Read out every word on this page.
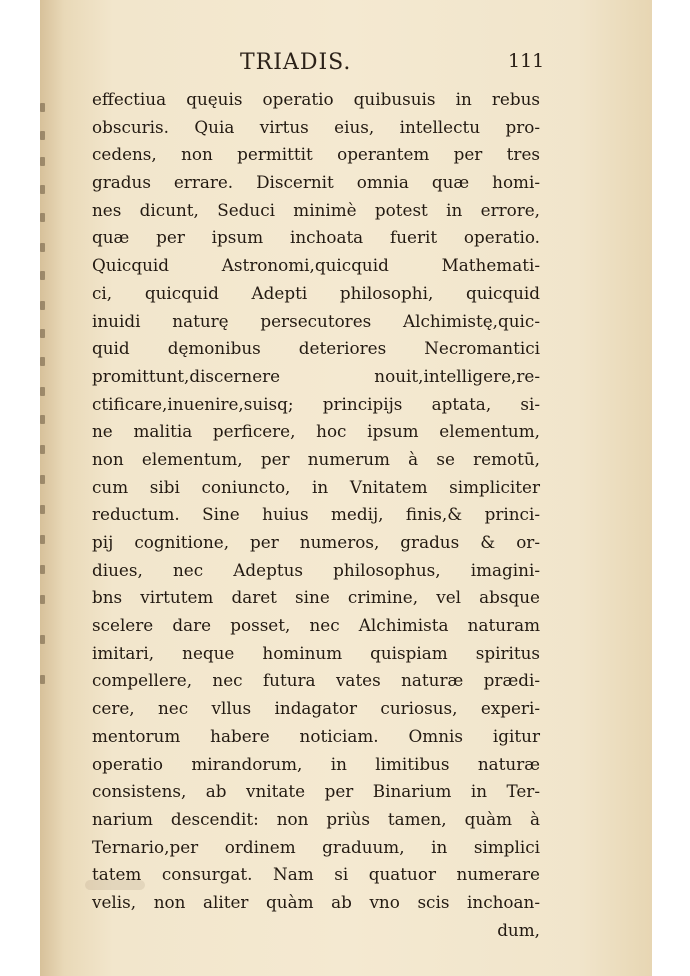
TRIADIS.	111
effectiua quęuis operatio quibusuis in rebus
obscuris. Quia virtus eius, intellectu pro-
cedens, non permittit operantem per tres
gradus errare. Discernit omnia quæ homi-
nes dicunt, Seduci minimè potest in errore,
quæ per ipsum inchoata fuerit operatio.
Quicquid Astronomi,quicquid Mathemati-
ci, quicquid Adepti philosophi, quicquid
inuidi naturę persecutores Alchimistę,quic-
quid dęmonibus deteriores Necromantici
promittunt,discernere nouit,intelligere,re-
ctificare,inuenire,suisq; principijs aptata, si-
ne malitia perficere, hoc ipsum elementum,
non elementum, per numerum à se remotū,
cum sibi coniuncto, in Vnitatem simpliciter
reductum. Sine huius medij, finis,& princi-
pij cognitione, per numeros, gradus & or-
diues, nec Adeptus philosophus, imagini-
bns virtutem daret sine crimine, vel absque
scelere dare posset, nec Alchimista naturam
imitari, neque hominum quispiam spiritus
compellere, nec futura vates naturæ prædi-
cere, nec vllus indagator curiosus, experi-
mentorum habere noticiam. Omnis igitur
operatio mirandorum, in limitibus naturæ
consistens, ab vnitate per Binarium in Ter-
narium descendit: non priùs tamen, quàm à
Ternario,per ordinem graduum, in simplici
tatem consurgat. Nam si quatuor numerare
velis, non aliter quàm ab vno scis inchoan-
dum,
